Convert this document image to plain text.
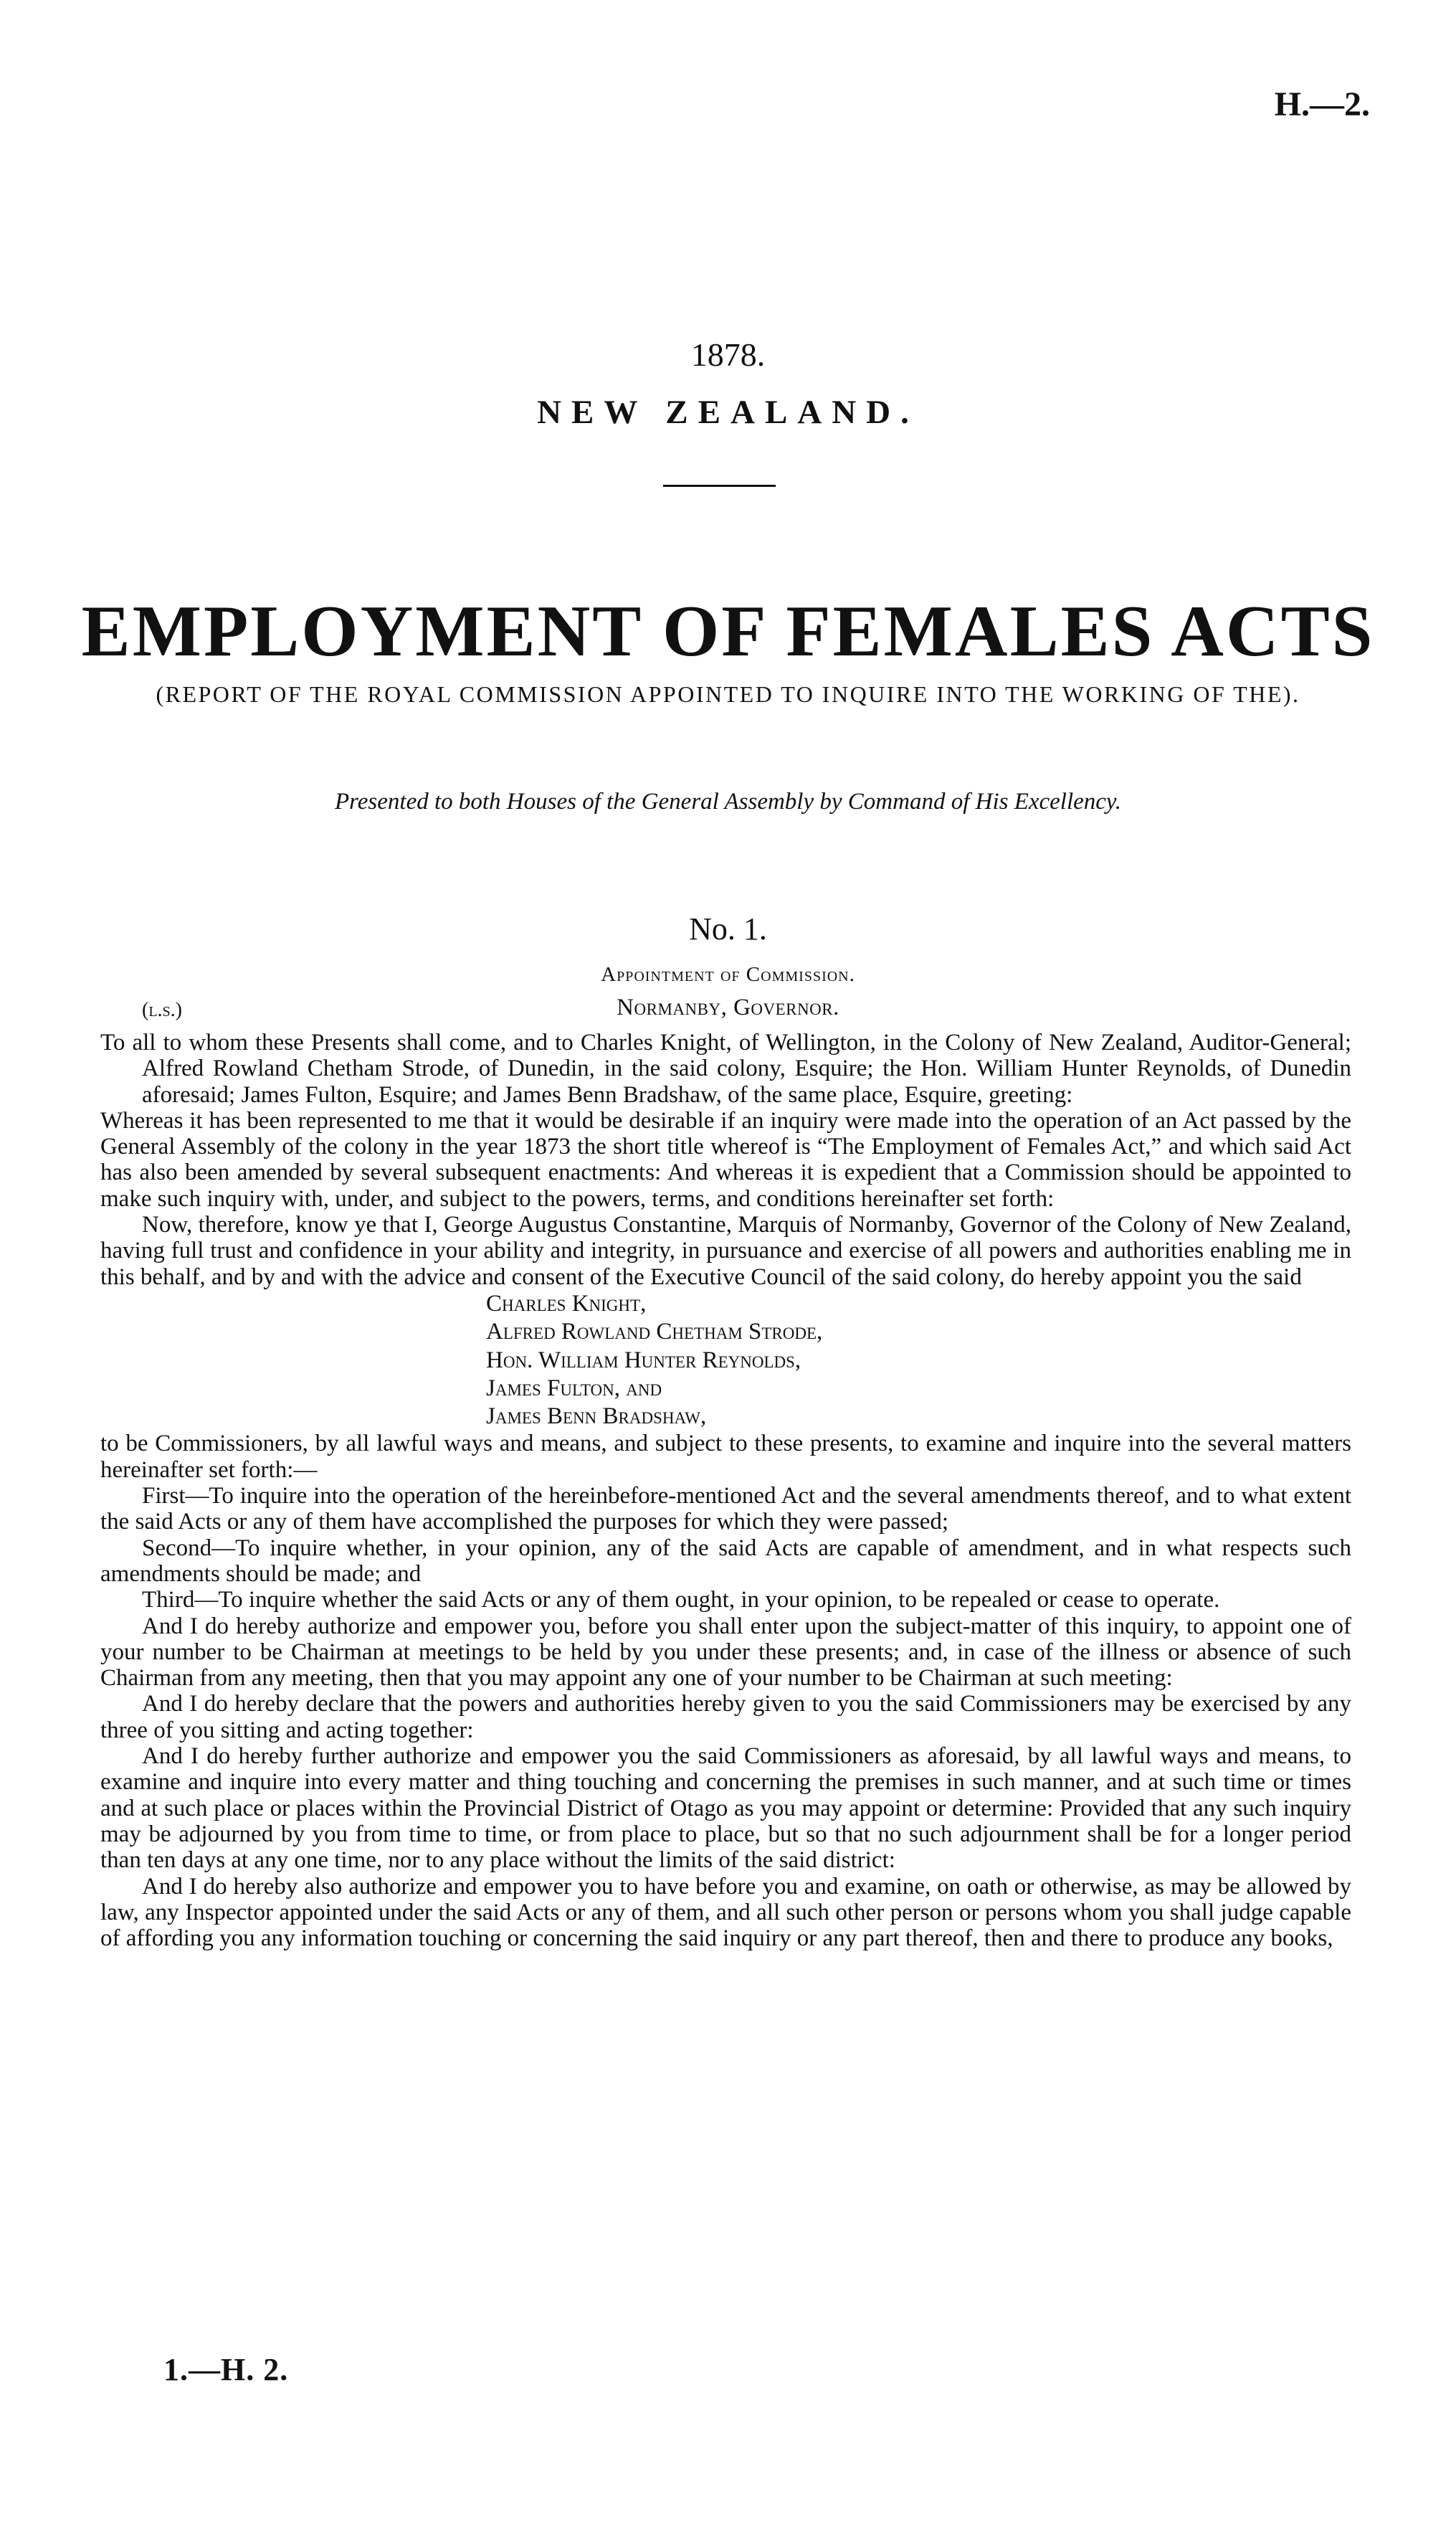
H.—2.
1878.
NEW ZEALAND.
EMPLOYMENT OF FEMALES ACTS
(REPORT OF THE ROYAL COMMISSION APPOINTED TO INQUIRE INTO THE WORKING OF THE).
Presented to both Houses of the General Assembly by Command of His Excellency.
No. 1.
Appointment of Commission.
(l.s.)	Normanby, Governor.

To all to whom these Presents shall come, and to Charles Knight, of Wellington, in the Colony of New Zealand, Auditor-General; Alfred Rowland Chetham Strode, of Dunedin, in the said colony, Esquire; the Hon. William Hunter Reynolds, of Dunedin aforesaid; James Fulton, Esquire; and James Benn Bradshaw, of the same place, Esquire, greeting:

Whereas it has been represented to me that it would be desirable if an inquiry were made into the operation of an Act passed by the General Assembly of the colony in the year 1873 the short title whereof is “The Employment of Females Act,” and which said Act has also been amended by several subsequent enactments: And whereas it is expedient that a Commission should be appointed to make such inquiry with, under, and subject to the powers, terms, and conditions hereinafter set forth:

Now, therefore, know ye that I, George Augustus Constantine, Marquis of Normanby, Governor of the Colony of New Zealand, having full trust and confidence in your ability and integrity, in pursuance and exercise of all powers and authorities enabling me in this behalf, and by and with the advice and consent of the Executive Council of the said colony, do hereby appoint you the said

Charles Knight,
Alfred Rowland Chetham Strode,
Hon. William Hunter Reynolds,
James Fulton, and
James Benn Bradshaw,

to be Commissioners, by all lawful ways and means, and subject to these presents, to examine and inquire into the several matters hereinafter set forth:—

First—To inquire into the operation of the hereinbefore-mentioned Act and the several amendments thereof, and to what extent the said Acts or any of them have accomplished the purposes for which they were passed;

Second—To inquire whether, in your opinion, any of the said Acts are capable of amendment, and in what respects such amendments should be made; and

Third—To inquire whether the said Acts or any of them ought, in your opinion, to be repealed or cease to operate.

And I do hereby authorize and empower you, before you shall enter upon the subject-matter of this inquiry, to appoint one of your number to be Chairman at meetings to be held by you under these presents; and, in case of the illness or absence of such Chairman from any meeting, then that you may appoint any one of your number to be Chairman at such meeting:

And I do hereby declare that the powers and authorities hereby given to you the said Commissioners may be exercised by any three of you sitting and acting together:

And I do hereby further authorize and empower you the said Commissioners as aforesaid, by all lawful ways and means, to examine and inquire into every matter and thing touching and concerning the premises in such manner, and at such time or times and at such place or places within the Provincial District of Otago as you may appoint or determine: Provided that any such inquiry may be adjourned by you from time to time, or from place to place, but so that no such adjournment shall be for a longer period than ten days at any one time, nor to any place without the limits of the said district:

And I do hereby also authorize and empower you to have before you and examine, on oath or otherwise, as may be allowed by law, any Inspector appointed under the said Acts or any of them, and all such other person or persons whom you shall judge capable of affording you any information touching or concerning the said inquiry or any part thereof, then and there to produce any books,

1.—H. 2.
